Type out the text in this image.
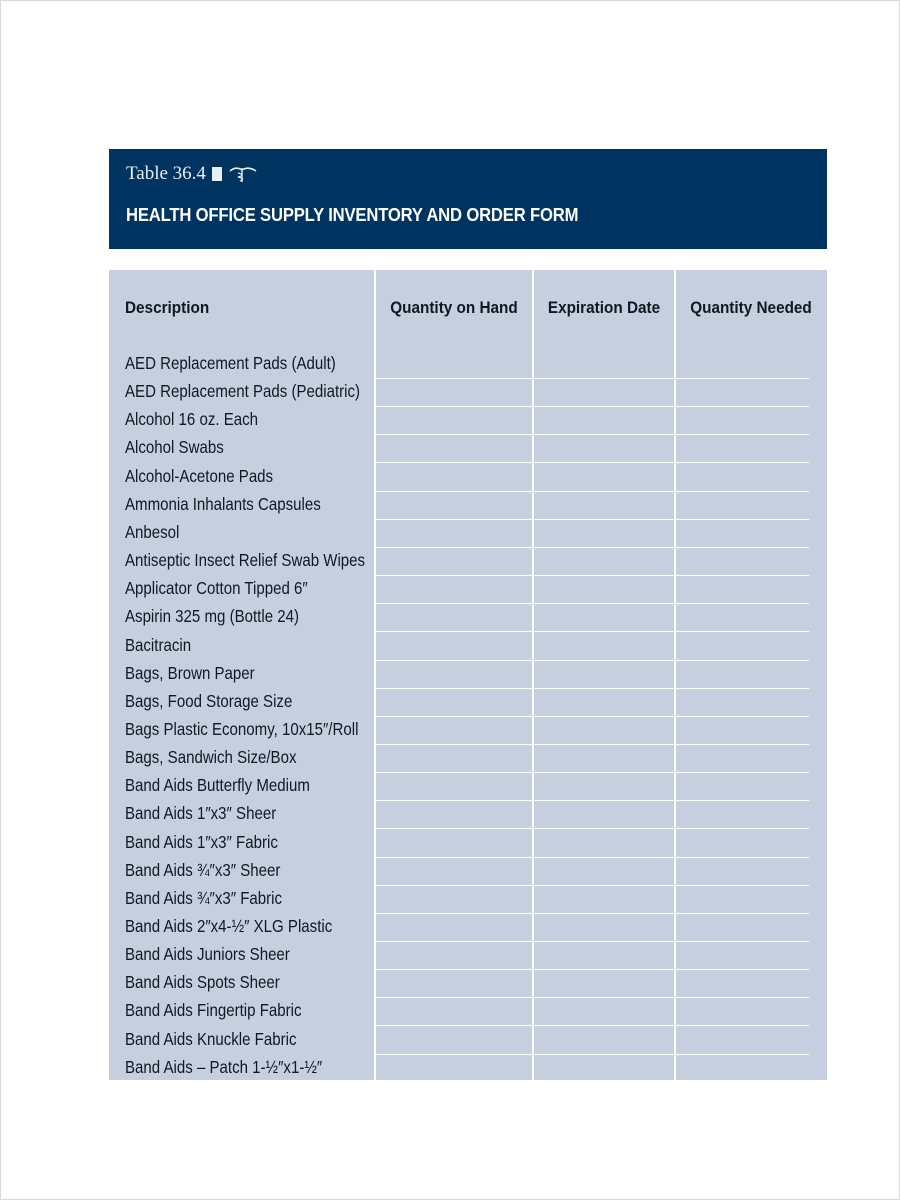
Table 36.4
HEALTH OFFICE SUPPLY INVENTORY AND ORDER FORM
Description	Quantity on Hand	Expiration Date	Quantity Needed
AED Replacement Pads (Adult)
AED Replacement Pads (Pediatric)
Alcohol 16 oz. Each
Alcohol Swabs
Alcohol-Acetone Pads
Ammonia Inhalants Capsules
Anbesol
Antiseptic Insect Relief Swab Wipes
Applicator Cotton Tipped 6″
Aspirin 325 mg (Bottle 24)
Bacitracin
Bags, Brown Paper
Bags, Food Storage Size
Bags Plastic Economy, 10x15″/Roll
Bags, Sandwich Size/Box
Band Aids Butterfly Medium
Band Aids 1″x3″ Sheer
Band Aids 1″x3″ Fabric
Band Aids ¾″x3″ Sheer
Band Aids ¾″x3″ Fabric
Band Aids 2″x4-½″ XLG Plastic
Band Aids Juniors Sheer
Band Aids Spots Sheer
Band Aids Fingertip Fabric
Band Aids Knuckle Fabric
Band Aids – Patch 1-½″x1-½″
